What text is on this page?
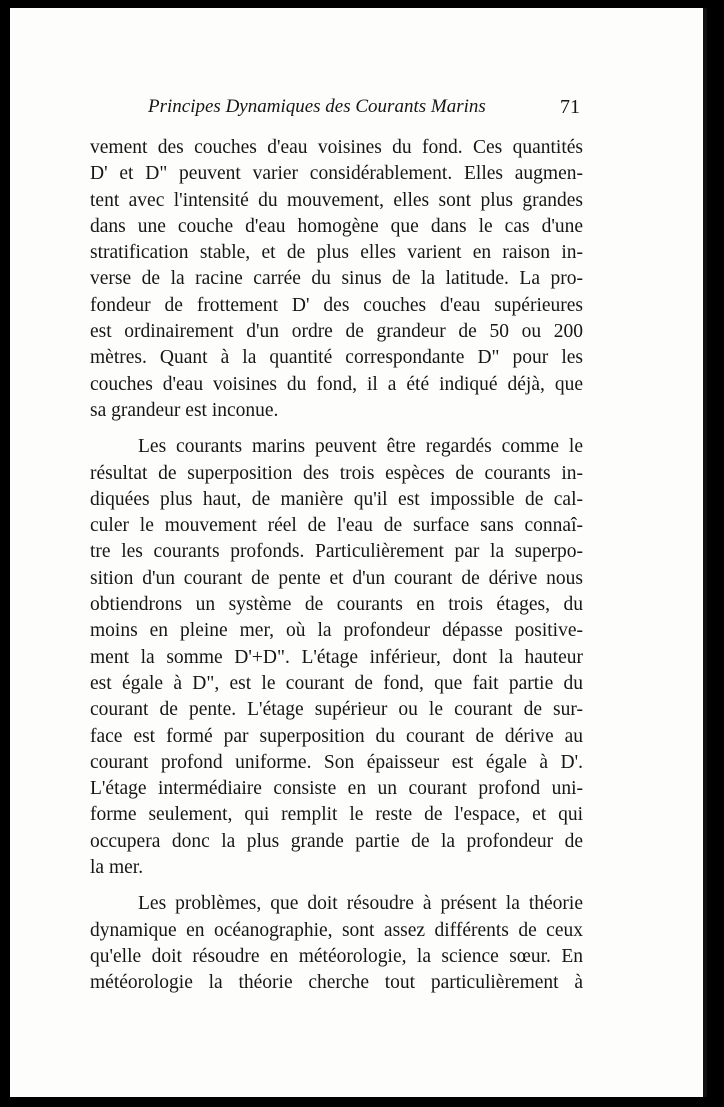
Principes Dynamiques des Courants Marins	71

vement des couches d'eau voisines du fond. Ces quantités

D' et D" peuvent varier considérablement. Elles augmen-

tent avec l'intensité du mouvement, elles sont plus grandes

dans une couche d'eau homogène que dans le cas d'une

stratification stable, et de plus elles varient en raison in-

verse de la racine carrée du sinus de la latitude. La pro-

fondeur de frottement D' des couches d'eau supérieures

est ordinairement d'un ordre de grandeur de 50 ou 200

mètres. Quant à la quantité correspondante D" pour les

couches d'eau voisines du fond, il a été indiqué déjà, que

sa grandeur est inconue.

Les courants marins peuvent être regardés comme le

résultat de superposition des trois espèces de courants in-

diquées plus haut, de manière qu'il est impossible de cal-

culer le mouvement réel de l'eau de surface sans connaî-

tre les courants profonds. Particulièrement par la superpo-

sition d'un courant de pente et d'un courant de dérive nous

obtiendrons un système de courants en trois étages, du

moins en pleine mer, où la profondeur dépasse positive-

ment la somme D'+D". L'étage inférieur, dont la hauteur

est égale à D", est le courant de fond, que fait partie du

courant de pente. L'étage supérieur ou le courant de sur-

face est formé par superposition du courant de dérive au

courant profond uniforme. Son épaisseur est égale à D'.

L'étage intermédiaire consiste en un courant profond uni-

forme seulement, qui remplit le reste de l'espace, et qui

occupera donc la plus grande partie de la profondeur de

la mer.

Les problèmes, que doit résoudre à présent la théorie

dynamique en océanographie, sont assez différents de ceux

qu'elle doit résoudre en météorologie, la science sœur. En

météorologie la théorie cherche tout particulièrement à
